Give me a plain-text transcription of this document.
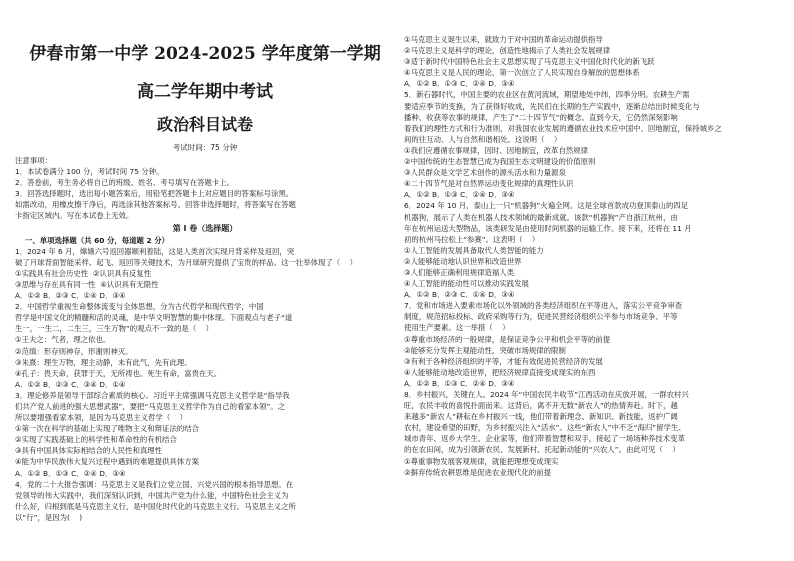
伊春市第一中学 2024-2025 学年度第一学期
高二学年期中考试
政治科目试卷
考试时间：75 分钟
注意事项：
1．本试卷满分 100 分，考试时间 75 分钟。
2．答卷前，考生务必将自己的班级、姓名、考号填写在答题卡上。
3．回答选择题时，选出每小题答案后，用铅笔把答题卡上对应题目的答案标号涂黑。
如需改动，用橡皮擦干净后，再选涂其他答案标号。回答非选择题时，将答案写在答题
卡指定区域内。写在本试卷上无效。
第 I 卷（选择题）
一、单项选择题（共 60 分，每道题 2 分）
1．2024 年 6 月，嫦娥六号返回器顺利着陆，这是人类首次实现月背采样及返回，突
破了月球背面智能采样、起飞、返回等关键技术，为月球研究提供了宝贵的样品。这一壮举体现了（    ）
①实践具有社会历史性  ②认识具有反复性
③思维与存在具有同一性  ④认识具有无限性
A．①② B．②③ C．①④ D．③④
2．中国哲学重视生命整体流变与全体思想，分为古代哲学和现代哲学，中国
哲学是中国文化的精髓和活的灵魂，是中华文明智慧的集中体现。下面观点与老子“道
生一，一生二，二生三，三生万物”的观点不一致的是（    ）
①王夫之：气者，理之依也。
②范缜：形存则神存，形谢则神灭。
③朱熹：理生万物，理主动静，未有此气，先有此理。
④孔子：畏天命，获罪于天，无所祷也。死生有命，富贵在天。
A．①② B．②③ C．③④ D．①④
3．理论修养是领导干部综合素质的核心。习近平主席强调马克思主义哲学是“指导我
们共产党人前进的强大思想武器”，要把“马克思主义哲学作为自己的看家本领”。之
所以要增强看家本领，是因为马克思主义哲学（    ）
①第一次在科学的基础上实现了唯物主义和辩证法的结合
②实现了实践基础上的科学性和革命性的有机结合
③具有中国具体实际相结合的人民性和真理性
④能为中华民族伟大复兴过程中遇到的难题提供具体方案
A．①② B．①③ C．②④ D．③④
4．党的二十大报告强调：马克思主义是我们立党立国、兴党兴国的根本指导思想。在
党领导的伟大实践中，我们深刻认识到，中国共产党为什么能，中国特色社会主义为
什么好，归根到底是马克思主义行，是中国化时代化的马克思主义行。马克思主义之所
以“行”，是因为(    )
①马克思主义诞生以来，就致力于对中国的革命运动提供指导
②马克思主义是科学的理论，创造性地揭示了人类社会发展规律
③适于新时代中国特色社会主义思想实现了马克思主义中国化时代化的新飞跃
④马克思主义是人民的理论，第一次创立了人民实现自身解放的思想体系
A．①② B．①③ C．②④ D．③④
5．新石器时代，中国主要的农业区在黄河流域，期望地处中纬，四季分明。农耕生产需
要适应季节的变换，为了获得好收成，先民们在长期的生产实践中，逐渐总结出时候变化与
播种、收获等农事的规律，产生了“二十四节气”的概念。直到今天，它仍然深刻影响
着我们的理性方式和行为准则，对我国农业发展的遵循农业技术应中国中、回地制宜，保持城乡之
间的往互动、人与自然和谐相处。这说明（    ）
①我们应遵循农事规律，因时、因地制宜，改革自然规律
②中国传统的生态智慧已成为我国生态文明建设的价值原则
③人民群众是文学艺术创作的源头活水和力量源泉
④二十四节气是对自然界运动变化规律的真理性认识
A．①② B．①③ C．②④ D．③④
6．2024 年 10 月，泰山上一只“机器狗”火遍全网。这是全球首款成功登顶泰山的四足
机器狗，展示了人类在机器人技术领域的最新成就。该款“机器狗”产自浙江杭州，由
年在杭州运送大型物品，该类研发是由使用时间机器的运输工作。接下来，还将在 11 月
初的杭州马拉松上“参赛”。这表明（    ）
①人工智能的发展具备取代人类智能的能力
②人能够能动地认识世界和改造世界
③人们能够正确利用规律造福人类
④人工智能的能动性可以推动实践发展
A．①② B．②③ C．①④ D．③④
7．党和市场进入要素市场化以外领域的各类经济组织在平等进入，落实公平竞争审查
制度，规范招标投标、政府采购等行为，促进民营经济组织公平参与市场竞争、平等
使用生产要素。这一举措（    ）
①尊重市场经济的一般规律，是保证竞争公平和机会平等的前提
②能够充分发挥主观能动性，突破市场规律的限制
③有利于各种经济组织的平等，才能有效促进民营经济的发展
④人能够能动地改造世界，把经济规律直接变成现实的东西
A．①② B．①③ C．②④ D．③④
8．乡村振兴，关键在人。2024 年“中国农民丰收节”江西活动在庆放开展，一群农村兴
旺，农民丰收的喜悦扑面而来。这背后，离不开无数“新农人”的热情奔赴。时下，越
来越多“新农人”耕耘在乡村振兴一线，他们带着新理念、新知识、新技能，返护广阔
农村，建设希望的田野，为乡村振兴注入“活水”。这些“新农人”中不乏“海归”留学生、
城市青年、返乡大学生、企业家等，他们带着智慧和双手，接起了一场场种养技术变革
的在农田间，成为引领新农民、发展新村、托起新动能的“兴农人”。由此可见（    ）
①尊重事物发展客观规律，就能把理想变成现实
②摒弃传统农耕思维是促进农业现代化的前提
